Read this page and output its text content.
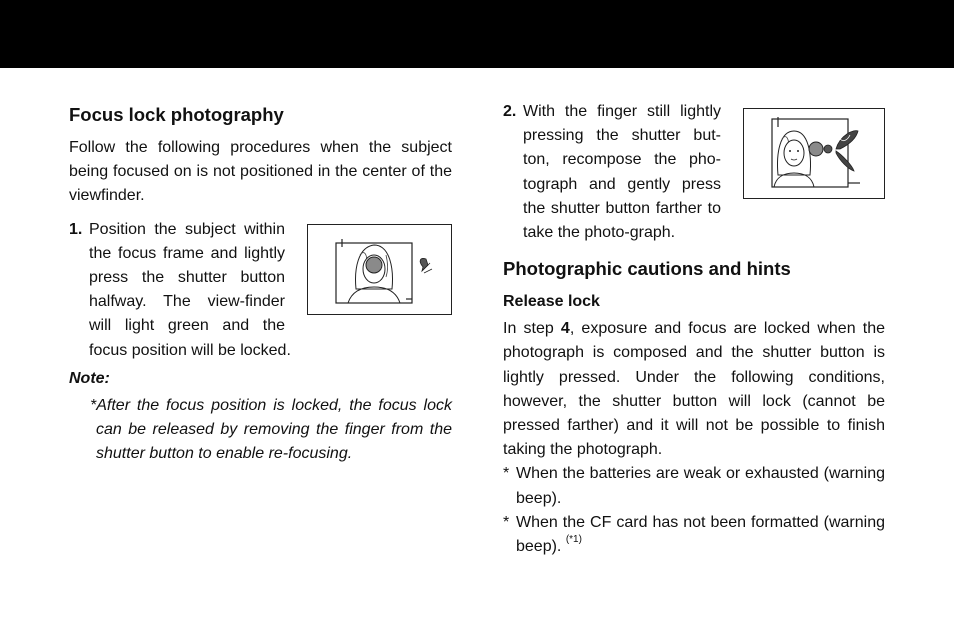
Focus lock photography

Follow the following procedures when the subject being focused on is not positioned in the center of the viewfinder.

1. Position the subject within the focus frame and lightly press the shutter button halfway. The view-finder will light green and the focus position will be locked.

Note:

*After the focus position is locked, the focus lock can be released by removing the finger from the shutter button to enable re-focusing.

2. With the finger still lightly pressing the shutter but-ton, recompose the pho-tograph and gently press the shutter button farther to take the photo-graph.

Photographic cautions and hints
Release lock

In step 4, exposure and focus are locked when the photograph is composed and the shutter button is lightly pressed. Under the following conditions, however, the shutter button will lock (cannot be pressed farther) and it will not be possible to finish taking the photograph.

* When the batteries are weak or exhausted (warning beep).
* When the CF card has not been formatted (warning beep). $^{(*1)}$
